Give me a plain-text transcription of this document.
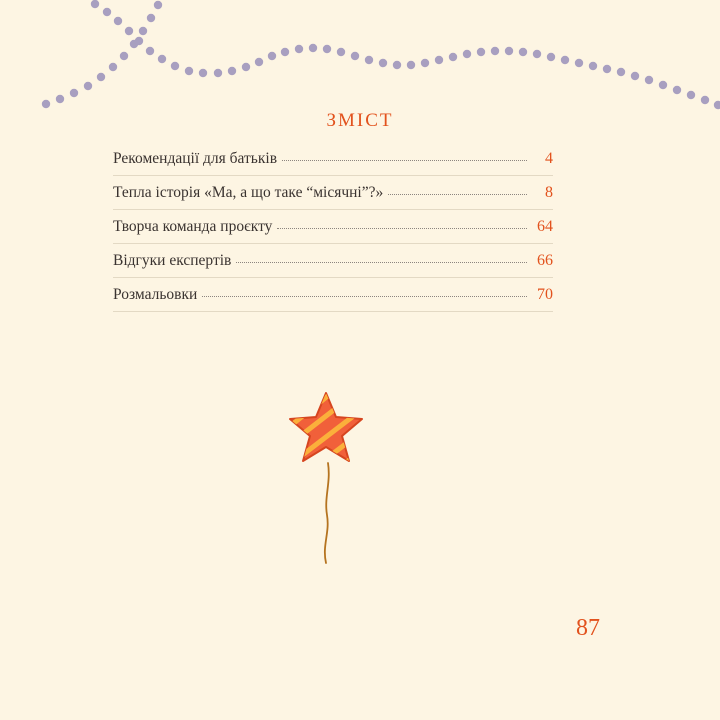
ЗМІСТ
Рекомендації для батьків	4
Тепла історія «Ма, а що таке “місячні”?»	8
Творча команда проєкту	64
Відгуки експертів	66
Розмальовки	70
87
